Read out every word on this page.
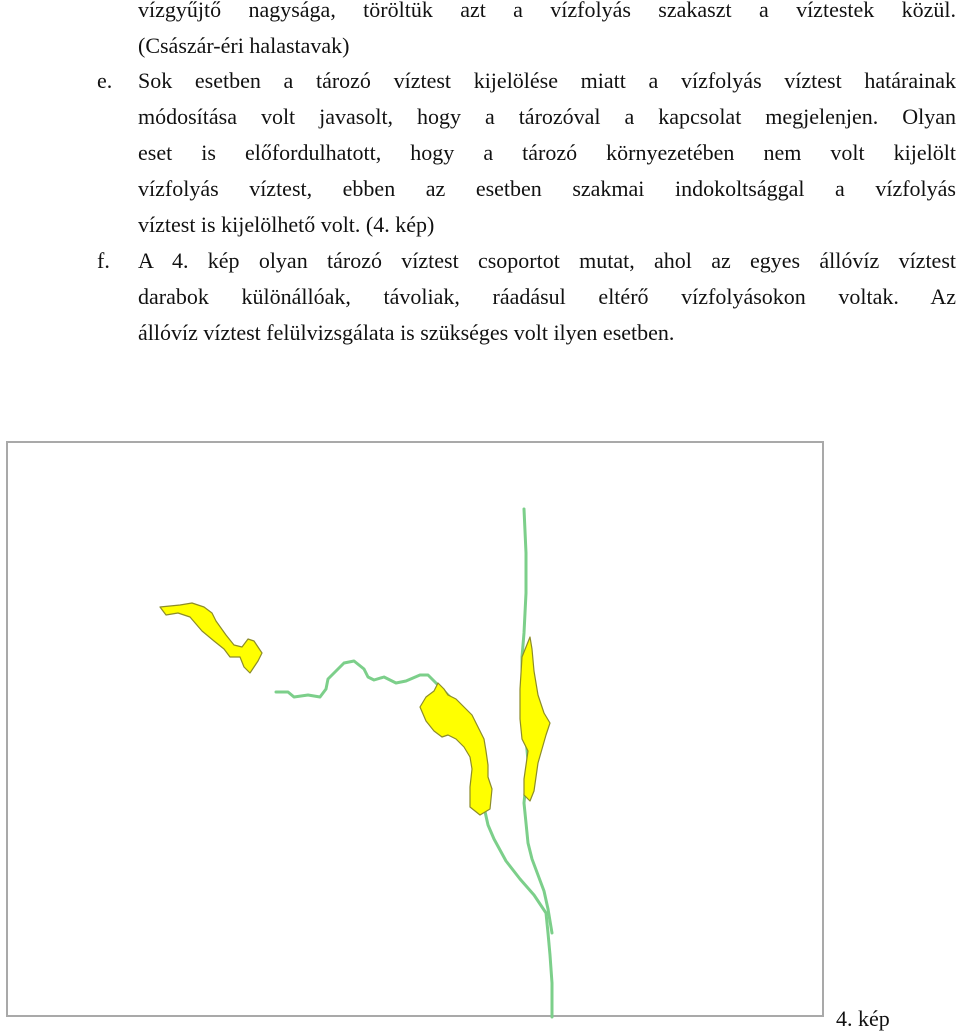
vízgyűjtő nagysága, töröltük azt a vízfolyás szakaszt a víztestek közül.
(Császár-éri halastavak)
e. Sok esetben a tározó víztest kijelölése miatt a vízfolyás víztest határainak
módosítása volt javasolt, hogy a tározóval a kapcsolat megjelenjen. Olyan
eset is előfordulhatott, hogy a tározó környezetében nem volt kijelölt
vízfolyás víztest, ebben az esetben szakmai indokoltsággal a vízfolyás
víztest is kijelölhető volt. (4. kép)
f. A 4. kép olyan tározó víztest csoportot mutat, ahol az egyes állóvíz víztest
darabok különállóak, távoliak, ráadásul eltérő vízfolyásokon voltak. Az
állóvíz víztest felülvizsgálata is szükséges volt ilyen esetben.
4. kép
